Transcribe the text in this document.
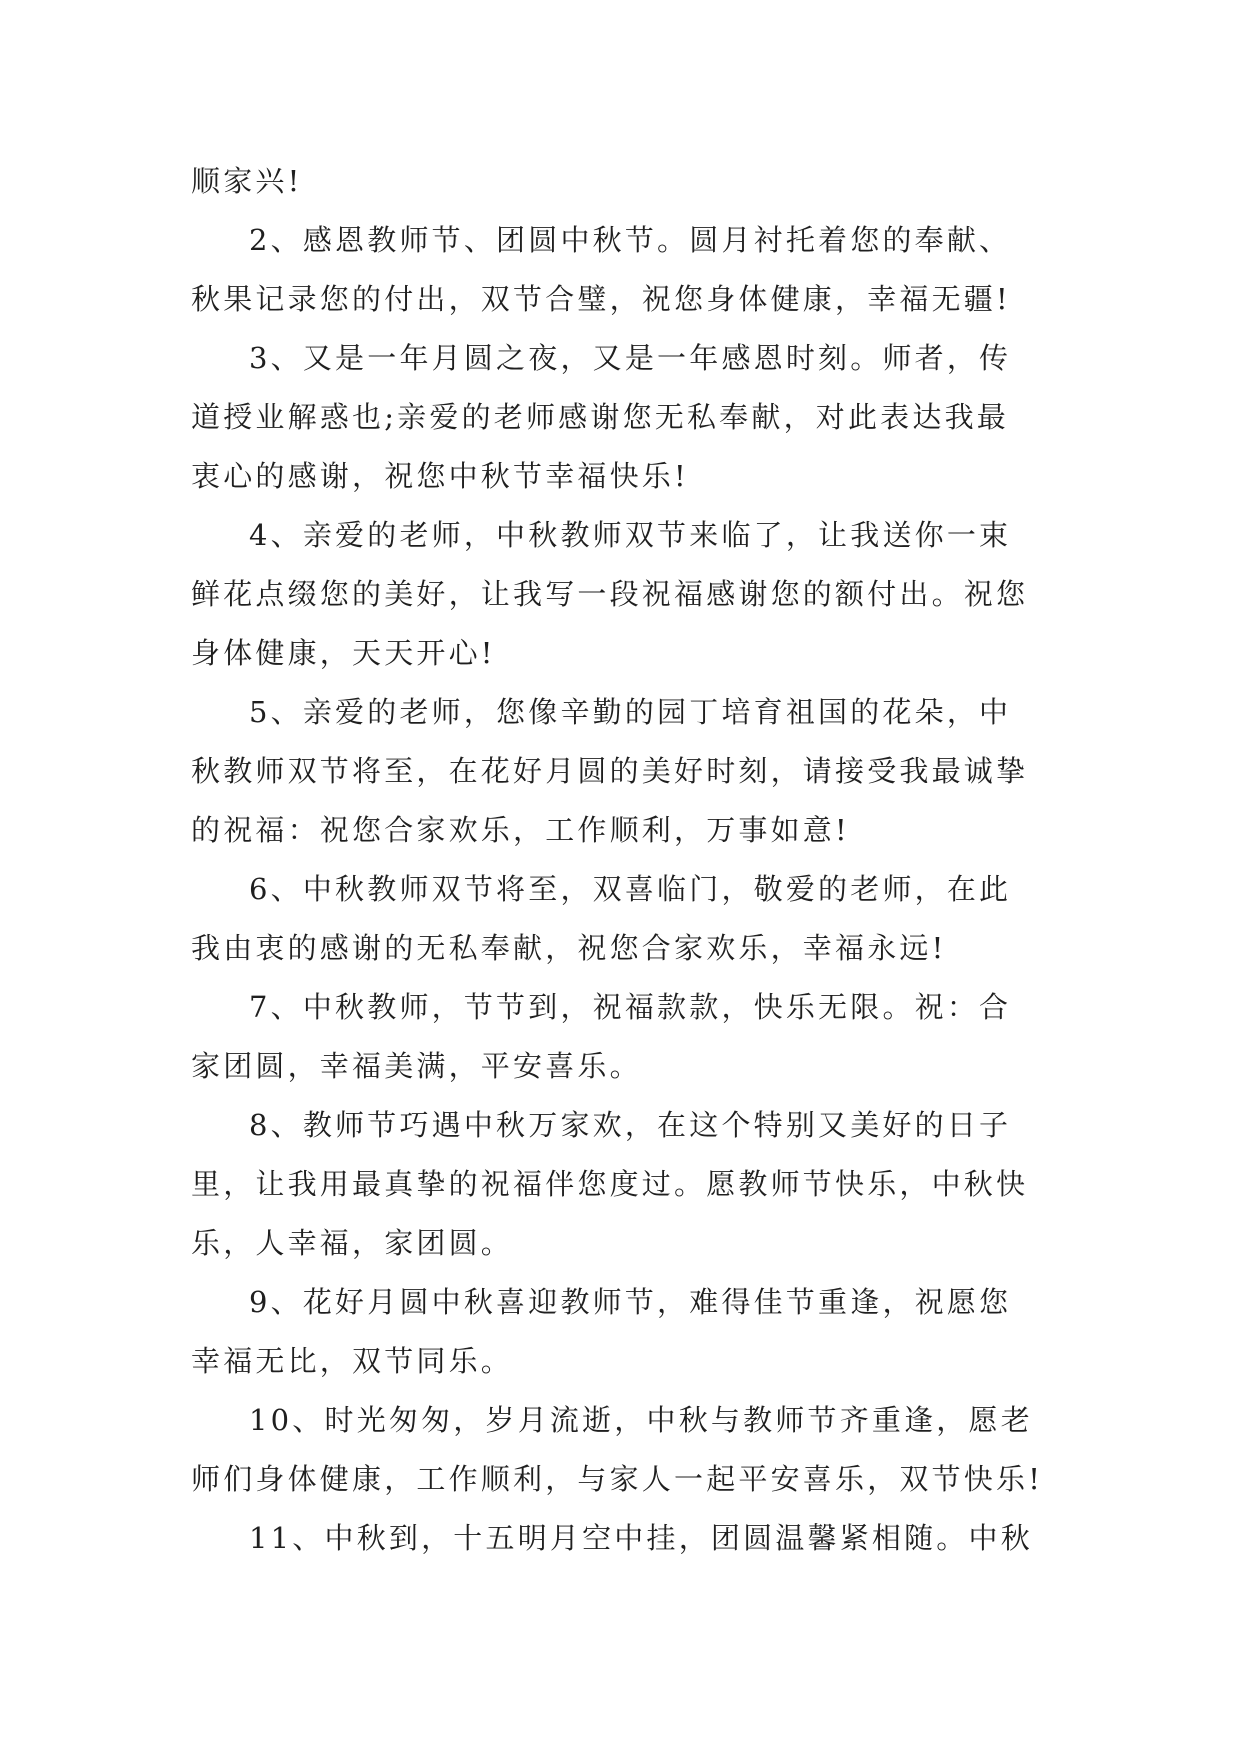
顺家兴!

2、感恩教师节、团圆中秋节。圆月衬托着您的奉献、

秋果记录您的付出，双节合璧，祝您身体健康，幸福无疆!

3、又是一年月圆之夜，又是一年感恩时刻。师者，传

道授业解惑也;亲爱的老师感谢您无私奉献，对此表达我最

衷心的感谢，祝您中秋节幸福快乐!

4、亲爱的老师，中秋教师双节来临了，让我送你一束

鲜花点缀您的美好，让我写一段祝福感谢您的额付出。祝您

身体健康，天天开心!

5、亲爱的老师，您像辛勤的园丁培育祖国的花朵，中

秋教师双节将至，在花好月圆的美好时刻，请接受我最诚挚

的祝福：祝您合家欢乐，工作顺利，万事如意!

6、中秋教师双节将至，双喜临门，敬爱的老师，在此

我由衷的感谢的无私奉献，祝您合家欢乐，幸福永远!

7、中秋教师，节节到，祝福款款，快乐无限。祝：合

家团圆，幸福美满，平安喜乐。

8、教师节巧遇中秋万家欢，在这个特别又美好的日子

里，让我用最真挚的祝福伴您度过。愿教师节快乐，中秋快

乐，人幸福，家团圆。

9、花好月圆中秋喜迎教师节，难得佳节重逢，祝愿您

幸福无比，双节同乐。

10、时光匆匆，岁月流逝，中秋与教师节齐重逢，愿老

师们身体健康，工作顺利，与家人一起平安喜乐，双节快乐!

11、中秋到，十五明月空中挂，团圆温馨紧相随。中秋
